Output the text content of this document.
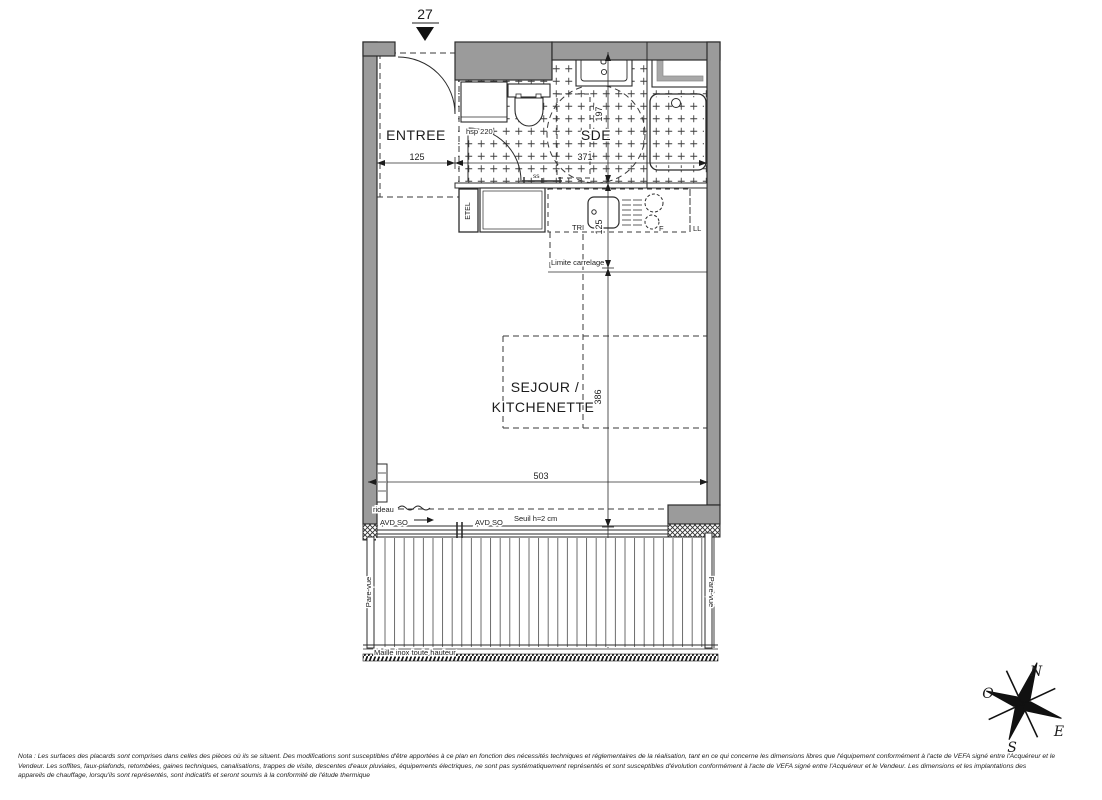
ETEL
27
ENTREE	SDE
SEJOUR /
KITCHENETTE
125	371
503
197
125
386
hsp 220
ss
TRI	F	LL
Limite carrelage
rideau
AVD SO	AVD SO Seuil h≈2 cm
Pare-vue	Pare-vue
Maille inox toute hauteur
N
O
E
S
Nota : Les surfaces des placards sont comprises dans celles des pièces où ils se situent. Des modifications sont susceptibles d'être apportées à ce plan en fonction des nécessités techniques et réglementaires de la réalisation, tant en ce qui concerne les dimensions libres que l'équipement conformément à l'acte de VEFA signé entre l'Acquéreur et le
Vendeur. Les soffites, faux-plafonds, retombées, gaines techniques, canalisations, trappes de visite, descentes d'eaux pluviales, équipements électriques, ne sont pas systématiquement représentés et sont susceptibles d'évolution conformément à l'acte de VEFA signé entre l'Acquéreur et le Vendeur. Les dimensions et les implantations des
appareils de chauffage, lorsqu'ils sont représentés, sont indicatifs et seront soumis à la conformité de l'étude thermique
